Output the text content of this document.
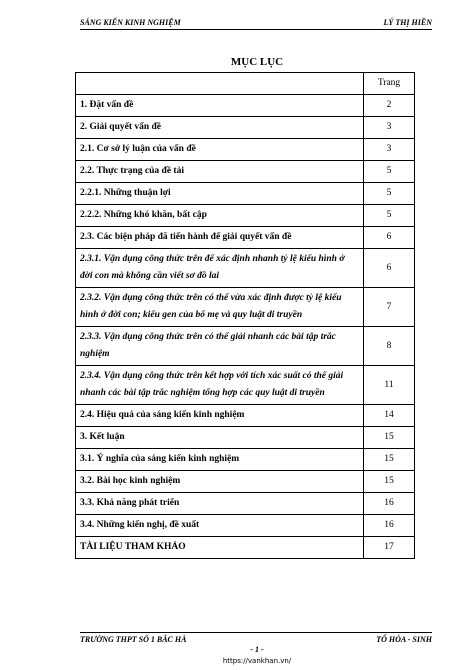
SÁNG KIẾN KINH NGHIỆM	LÝ THỊ HIỀN
MỤC LỤC
	Trang
1. Đặt vấn đề	2
2. Giải quyết vấn đề	3
2.1. Cơ sở lý luận của vấn đề	3
2.2. Thực trạng của đề tài	5
2.2.1. Những thuận lợi	5
2.2.2. Những khó khăn, bất cập	5
2.3. Các biện pháp đã tiến hành để giải quyết vấn đề	6
2.3.1. Vận dụng công thức trên để xác định nhanh tỷ lệ kiểu hình ở đời con mà không cần viết sơ đồ lai	6
2.3.2. Vận dụng công thức trên có thể vừa xác định được tỷ lệ kiểu hình ở đời con; kiểu gen của bố mẹ và quy luật di truyền	7
2.3.3. Vận dụng công thức trên có thể giải nhanh các bài tập trắc nghiệm	8
2.3.4. Vận dụng công thức trên kết hợp với tích xác suất có thể giải nhanh các bài tập trắc nghiệm tổng hợp các quy luật di truyền	11
2.4. Hiệu quả của sáng kiến kinh nghiệm	14
3. Kết luận	15
3.1. Ý nghĩa của sáng kiến kinh nghiệm	15
3.2. Bài học kinh nghiệm	15
3.3. Khả năng phát triển	16
3.4. Những kiến nghị, đề xuất	16
TÀI LIỆU THAM KHẢO	17
TRƯỜNG THPT SỐ 1 BẮC HÀ	TỔ HÓA - SINH
- 1 -
https://vankhan.vn/
